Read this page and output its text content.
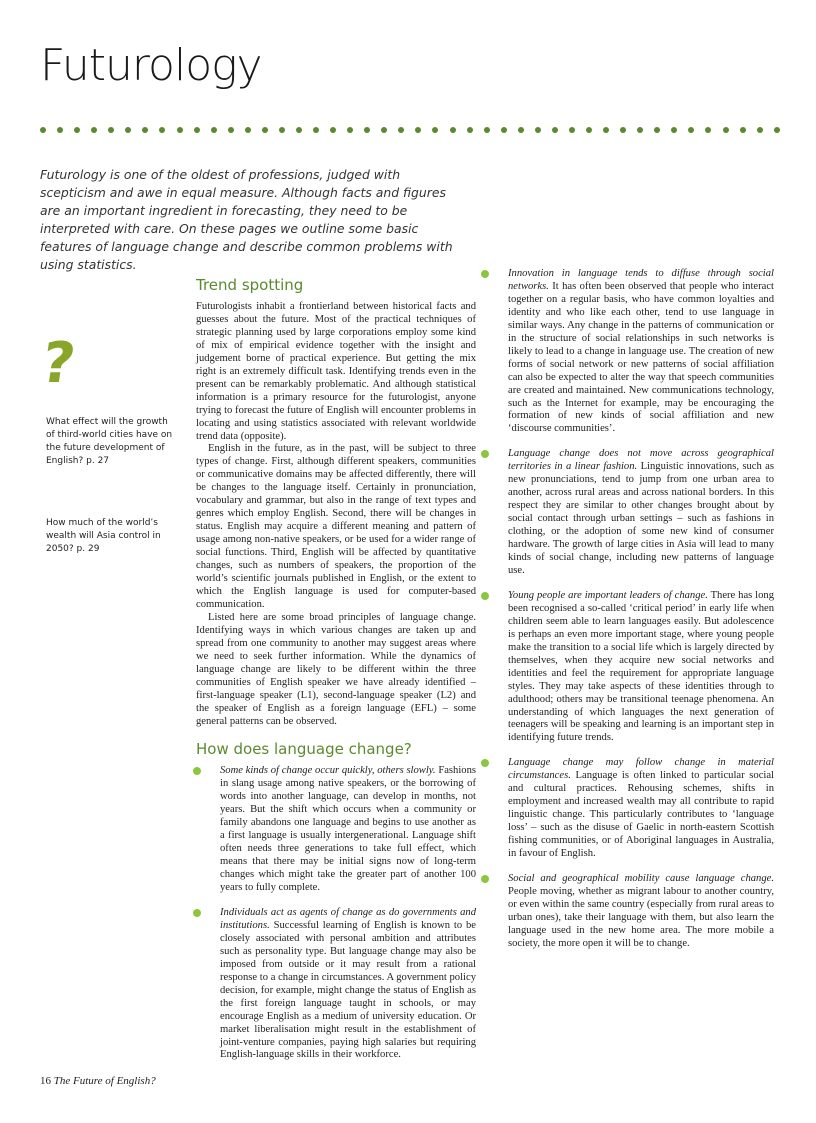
Futurology

Futurology is one of the oldest of professions, judged with scepticism and awe in equal measure. Although facts and figures are an important ingredient in forecasting, they need to be interpreted with care. On these pages we outline some basic features of language change and describe common problems with using statistics.

?
What effect will the growth of third-world cities have on the future development of English? p. 27
How much of the world’s wealth will Asia control in 2050? p. 29
Trend spotting

Futurologists inhabit a frontierland between historical facts and guesses about the future. Most of the practical techniques of strategic planning used by large corporations employ some kind of mix of empirical evidence together with the insight and judgement borne of practical experience. But getting the mix right is an extremely difficult task. Identifying trends even in the present can be remarkably problematic. And although statistical information is a primary resource for the futurologist, anyone trying to forecast the future of English will encounter problems in locating and using statistics associated with relevant worldwide trend data (opposite).

English in the future, as in the past, will be subject to three types of change. First, although different speakers, communities or communicative domains may be affected differently, there will be changes to the language itself. Certainly in pronunciation, vocabulary and grammar, but also in the range of text types and genres which employ English. Second, there will be changes in status. English may acquire a different meaning and pattern of usage among non-native speakers, or be used for a wider range of social functions. Third, English will be affected by quantitative changes, such as numbers of speakers, the proportion of the world’s scientific journals published in English, or the extent to which the English language is used for computer-based communication.

Listed here are some broad principles of language change. Identifying ways in which various changes are taken up and spread from one community to another may suggest areas where we need to seek further information. While the dynamics of language change are likely to be different within the three communities of English speaker we have already identified – first-language speaker (L1), second-language speaker (L2) and the speaker of English as a foreign language (EFL) – some general patterns can be observed.

How does language change?
Some kinds of change occur quickly, others slowly. Fashions in slang usage among native speakers, or the borrowing of words into another language, can develop in months, not years. But the shift which occurs when a community or family abandons one language and begins to use another as a first language is usually intergenerational. Language shift often needs three generations to take full effect, which means that there may be initial signs now of long-term changes which might take the greater part of another 100 years to fully complete.
Individuals act as agents of change as do governments and institutions. Successful learning of English is known to be closely associated with personal ambition and attributes such as personality type. But language change may also be imposed from outside or it may result from a rational response to a change in circumstances. A government policy decision, for example, might change the status of English as the first foreign language taught in schools, or may encourage English as a medium of university education. Or market liberalisation might result in the establishment of joint-venture companies, paying high salaries but requiring English-language skills in their workforce.
Innovation in language tends to diffuse through social networks. It has often been observed that people who interact together on a regular basis, who have common loyalties and identity and who like each other, tend to use language in similar ways. Any change in the patterns of communication or in the structure of social relationships in such networks is likely to lead to a change in language use. The creation of new forms of social network or new patterns of social affiliation can also be expected to alter the way that speech communities are created and maintained. New communications technology, such as the Internet for example, may be encouraging the formation of new kinds of social affiliation and new ‘discourse communities’.
Language change does not move across geographical territories in a linear fashion. Linguistic innovations, such as new pronunciations, tend to jump from one urban area to another, across rural areas and across national borders. In this respect they are similar to other changes brought about by social contact through urban settings – such as fashions in clothing, or the adoption of some new kind of consumer hardware. The growth of large cities in Asia will lead to many kinds of social change, including new patterns of language use.
Young people are important leaders of change. There has long been recognised a so-called ‘critical period’ in early life when children seem able to learn languages easily. But adolescence is perhaps an even more important stage, where young people make the transition to a social life which is largely directed by themselves, when they acquire new social networks and identities and feel the requirement for appropriate language styles. They may take aspects of these identities through to adulthood; others may be transitional teenage phenomena. An understanding of which languages the next generation of teenagers will be speaking and learning is an important step in identifying future trends.
Language change may follow change in material circumstances. Language is often linked to particular social and cultural practices. Rehousing schemes, shifts in employment and increased wealth may all contribute to rapid linguistic change. This particularly contributes to ‘language loss’ – such as the disuse of Gaelic in north-eastern Scottish fishing communities, or of Aboriginal languages in Australia, in favour of English.
Social and geographical mobility cause language change. People moving, whether as migrant labour to another country, or even within the same country (especially from rural areas to urban ones), take their language with them, but also learn the language used in the new home area. The more mobile a society, the more open it will be to change.
16 The Future of English?
